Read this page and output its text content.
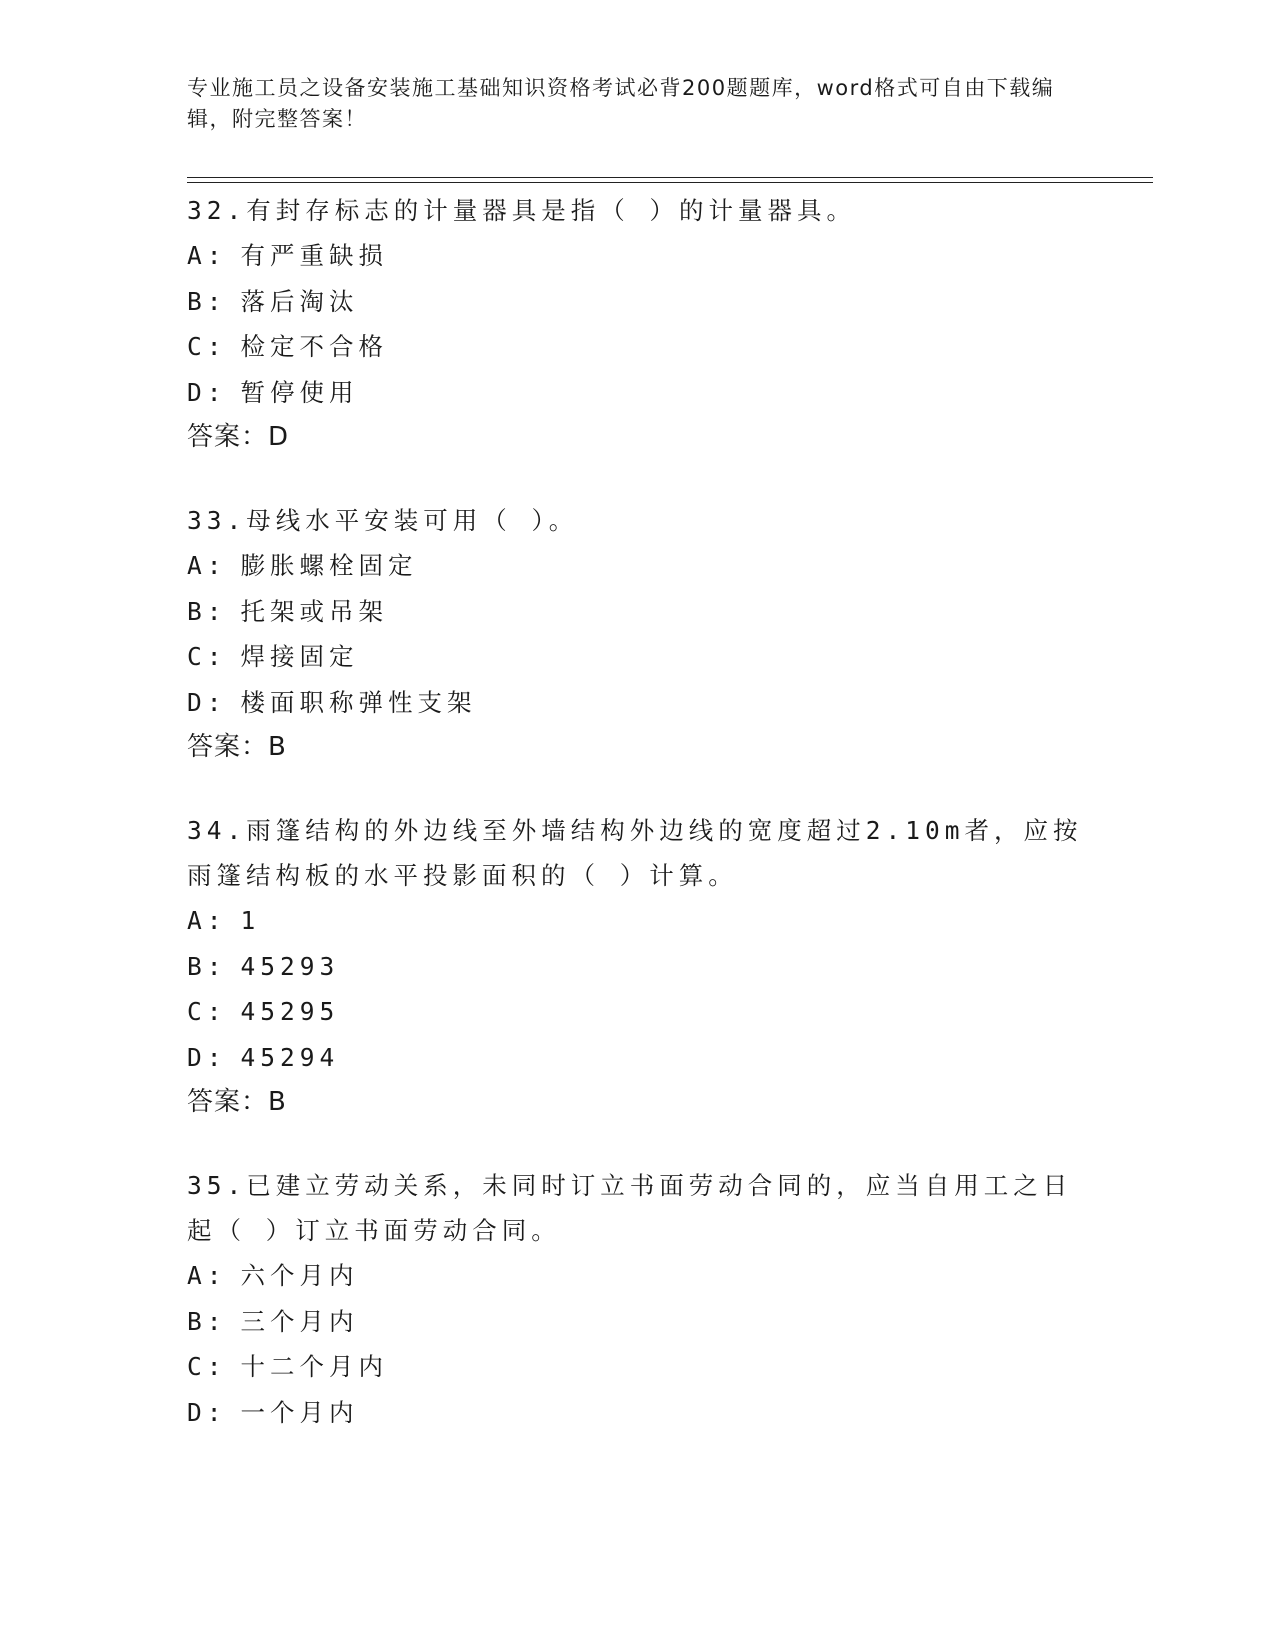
专业施工员之设备安装施工基础知识资格考试必背200题题库，word格式可自由下载编辑，附完整答案！

32.有封存标志的计量器具是指（ ）的计量器具。

A: 有严重缺损

B: 落后淘汰

C: 检定不合格

D: 暂停使用

答案：D

33.母线水平安装可用（ ）。

A: 膨胀螺栓固定

B: 托架或吊架

C: 焊接固定

D: 楼面职称弹性支架

答案：B

34.雨篷结构的外边线至外墙结构外边线的宽度超过2.10m者，应按雨篷结构板的水平投影面积的（ ）计算。

A: 1

B: 45293

C: 45295

D: 45294

答案：B

35.已建立劳动关系，未同时订立书面劳动合同的，应当自用工之日起（ ）订立书面劳动合同。

A: 六个月内

B: 三个月内

C: 十二个月内

D: 一个月内
